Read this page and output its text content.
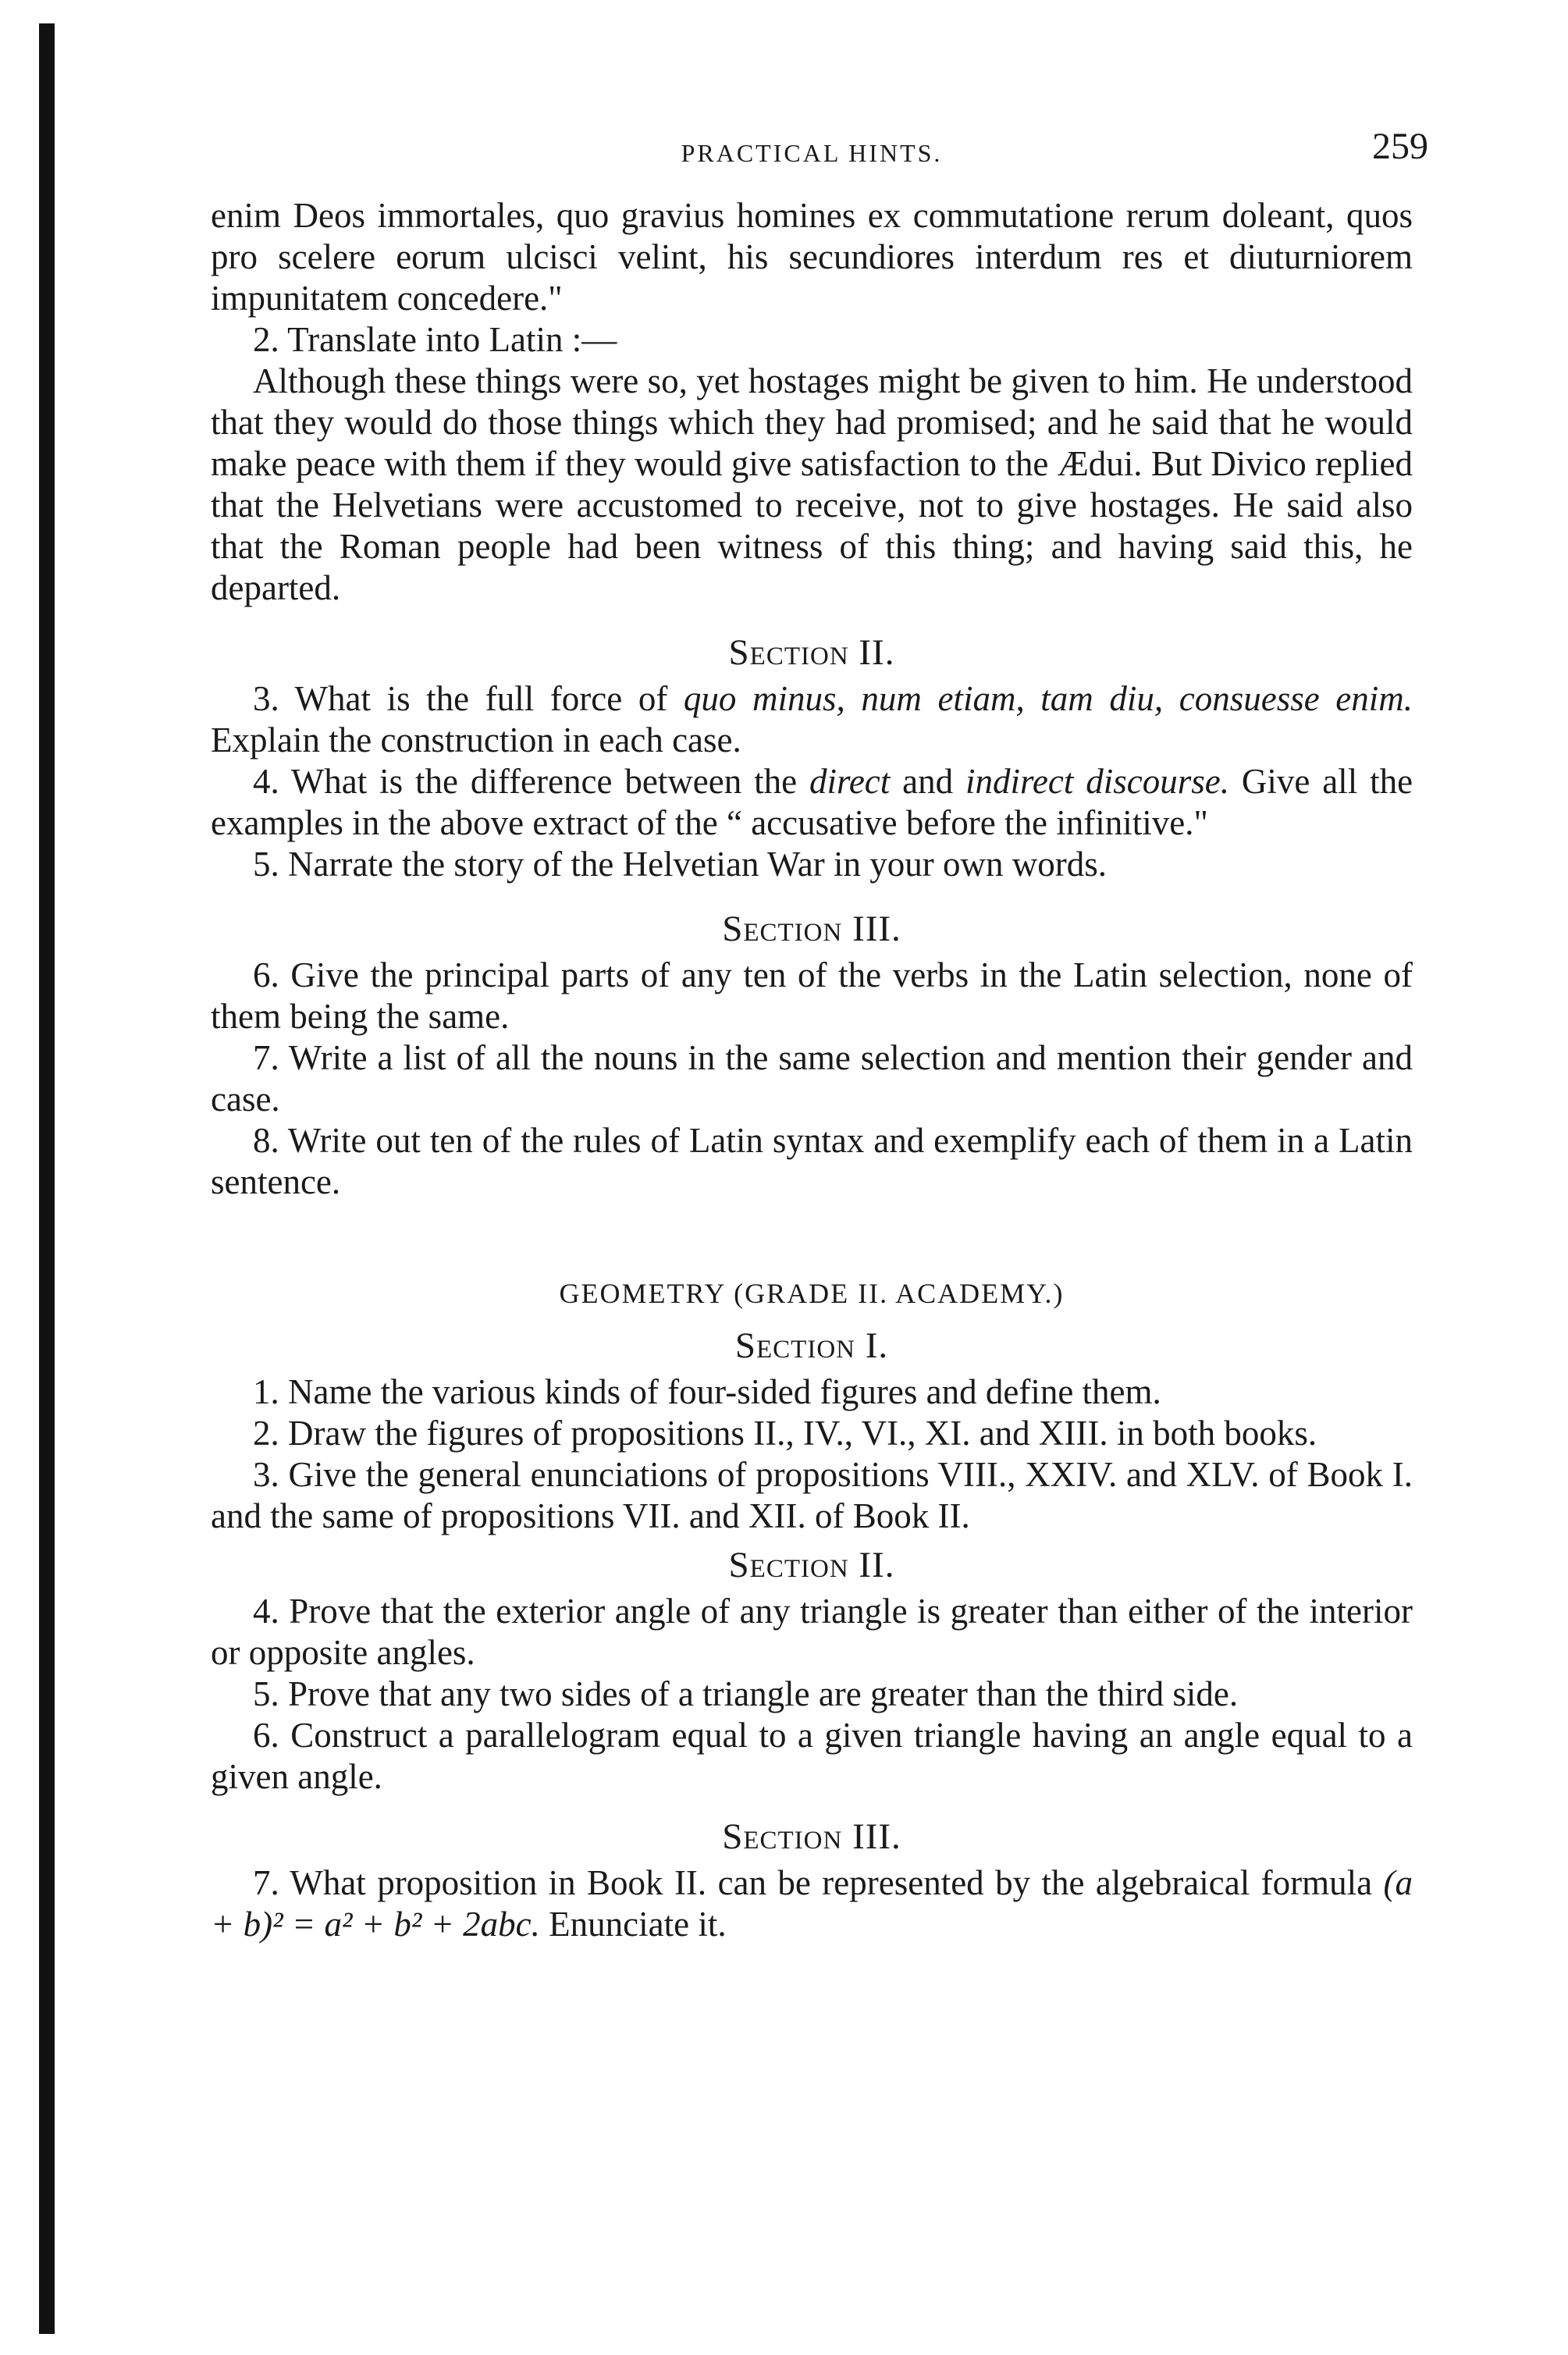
PRACTICAL HINTS.	259

enim Deos immortales, quo gravius homines ex commutatione rerum doleant, quos pro scelere eorum ulcisci velint, his secundiores interdum res et diuturniorem impunitatem concedere."

2. Translate into Latin :—

Although these things were so, yet hostages might be given to him. He understood that they would do those things which they had promised; and he said that he would make peace with them if they would give satisfaction to the Ædui. But Divico replied that the Helvetians were accustomed to receive, not to give hostages. He said also that the Roman people had been witness of this thing; and having said this, he departed.

Section II.

3. What is the full force of quo minus, num etiam, tam diu, consuesse enim. Explain the construction in each case.

4. What is the difference between the direct and indirect discourse. Give all the examples in the above extract of the “ accusative before the infinitive."

5. Narrate the story of the Helvetian War in your own words.

Section III.

6. Give the principal parts of any ten of the verbs in the Latin selection, none of them being the same.

7. Write a list of all the nouns in the same selection and mention their gender and case.

8. Write out ten of the rules of Latin syntax and exemplify each of them in a Latin sentence.

GEOMETRY (GRADE II. ACADEMY.)
Section I.

1. Name the various kinds of four-sided figures and define them.

2. Draw the figures of propositions II., IV., VI., XI. and XIII. in both books.

3. Give the general enunciations of propositions VIII., XXIV. and XLV. of Book I. and the same of propositions VII. and XII. of Book II.

Section II.

4. Prove that the exterior angle of any triangle is greater than either of the interior or opposite angles.

5. Prove that any two sides of a triangle are greater than the third side.

6. Construct a parallelogram equal to a given triangle having an angle equal to a given angle.

Section III.

7. What proposition in Book II. can be represented by the algebraical formula (a + b)² = a² + b² + 2abc. Enunciate it.
